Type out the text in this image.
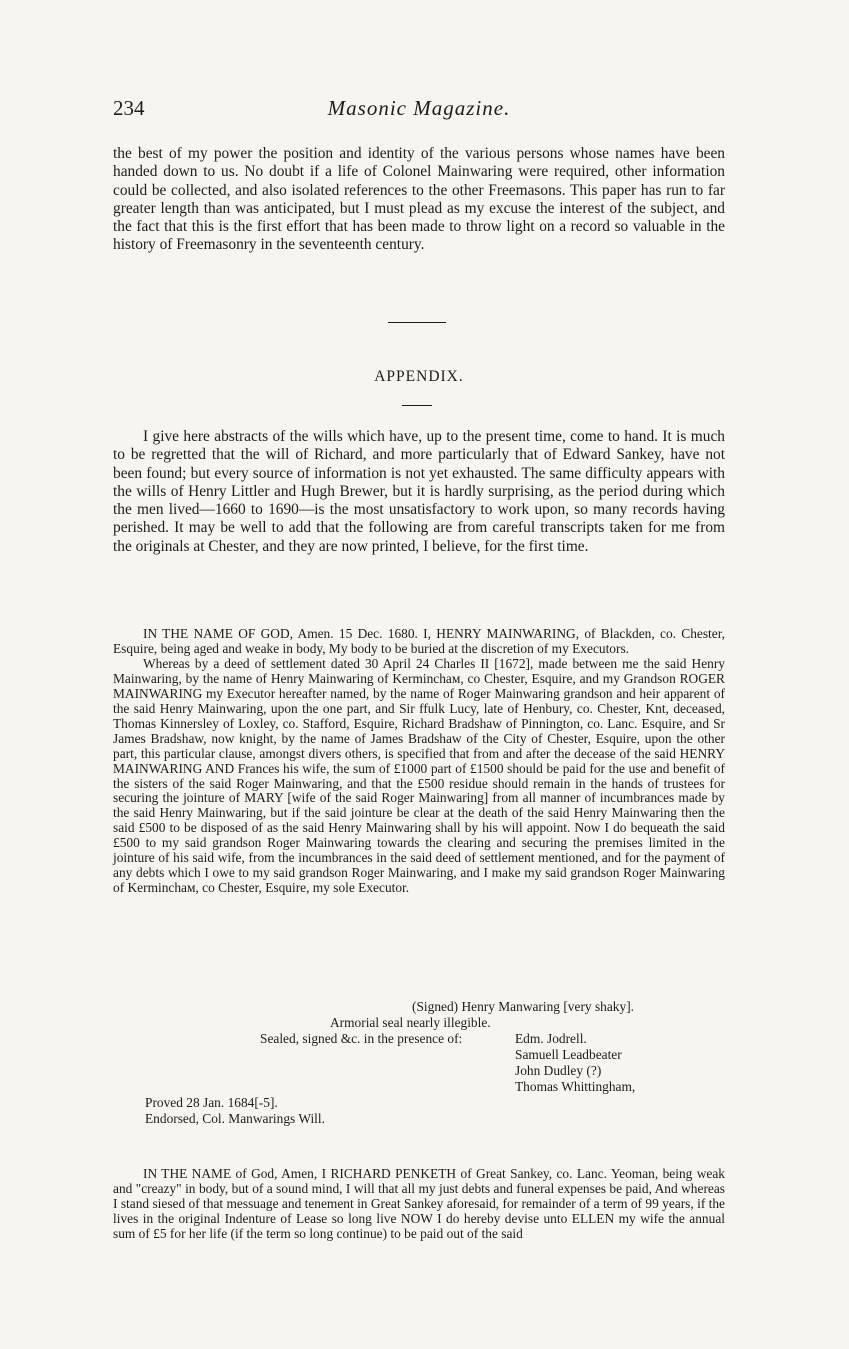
234	Masonic Magazine.

the best of my power the position and identity of the various persons whose names have been handed down to us. No doubt if a life of Colonel Mainwaring were required, other information could be collected, and also isolated references to the other Freemasons. This paper has run to far greater length than was anticipated, but I must plead as my excuse the interest of the subject, and the fact that this is the first effort that has been made to throw light on a record so valuable in the history of Freemasonry in the seventeenth century.

APPENDIX.

I give here abstracts of the wills which have, up to the present time, come to hand. It is much to be regretted that the will of Richard, and more particularly that of Edward Sankey, have not been found; but every source of information is not yet exhausted. The same difficulty appears with the wills of Henry Littler and Hugh Brewer, but it is hardly surprising, as the period during which the men lived—1660 to 1690—is the most unsatisfactory to work upon, so many records having perished. It may be well to add that the following are from careful transcripts taken for me from the originals at Chester, and they are now printed, I believe, for the first time.

IN THE NAME OF GOD, Amen. 15 Dec. 1680. I, HENRY MAINWARING, of Blackden, co. Chester, Esquire, being aged and weake in body, My body to be buried at the discretion of my Executors.

Whereas by a deed of settlement dated 30 April 24 Charles II [1672], made between me the said Henry Mainwaring, by the name of Henry Mainwaring of Kerminchaм, co Chester, Esquire, and my Grandson ROGER MAINWARING my Executor hereafter named, by the name of Roger Mainwaring grandson and heir apparent of the said Henry Mainwaring, upon the one part, and Sir ffulk Lucy, late of Henbury, co. Chester, Knt, deceased, Thomas Kinnersley of Loxley, co. Stafford, Esquire, Richard Bradshaw of Pinnington, co. Lanc. Esquire, and Sr James Bradshaw, now knight, by the name of James Bradshaw of the City of Chester, Esquire, upon the other part, this particular clause, amongst divers others, is specified that from and after the decease of the said HENRY MAINWARING AND Frances his wife, the sum of £1000 part of £1500 should be paid for the use and benefit of the sisters of the said Roger Mainwaring, and that the £500 residue should remain in the hands of trustees for securing the jointure of MARY [wife of the said Roger Mainwaring] from all manner of incumbrances made by the said Henry Mainwaring, but if the said jointure be clear at the death of the said Henry Mainwaring then the said £500 to be disposed of as the said Henry Mainwaring shall by his will appoint. Now I do bequeath the said £500 to my said grandson Roger Mainwaring towards the clearing and securing the premises limited in the jointure of his said wife, from the incumbrances in the said deed of settlement mentioned, and for the payment of any debts which I owe to my said grandson Roger Mainwaring, and I make my said grandson Roger Mainwaring of Kerminchaм, co Chester, Esquire, my sole Executor.

(Signed) Henry Manwaring [very shaky].
Armorial seal nearly illegible.
Sealed, signed &c. in the presence of:	Edm. Jodrell.
Samuell Leadbeater
John Dudley (?)
Thomas Whittingham,
Proved 28 Jan. 1684[-5].
Endorsed, Col. Manwarings Will.

IN THE NAME of God, Amen, I RICHARD PENKETH of Great Sankey, co. Lanc. Yeoman, being weak and "creazy" in body, but of a sound mind, I will that all my just debts and funeral expenses be paid, And whereas I stand siesed of that messuage and tenement in Great Sankey aforesaid, for remainder of a term of 99 years, if the lives in the original Indenture of Lease so long live NOW I do hereby devise unto ELLEN my wife the annual sum of £5 for her life (if the term so long continue) to be paid out of the said
